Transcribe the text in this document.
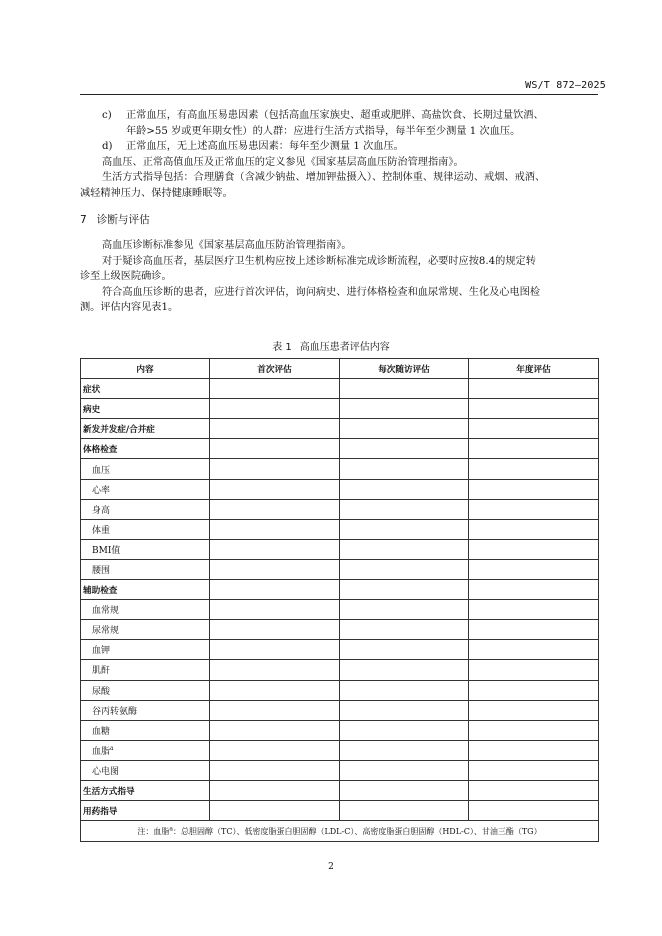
WS/T 872—2025
c)	正常血压，有高血压易患因素（包括高血压家族史、超重或肥胖、高盐饮食、长期过量饮酒、
年龄>55 岁或更年期女性）的人群：应进行生活方式指导，每半年至少测量 1 次血压。
d)	正常血压，无上述高血压易患因素：每年至少测量 1 次血压。

高血压、正常高值血压及正常血压的定义参见《国家基层高血压防治管理指南》。

生活方式指导包括：合理膳食（含减少钠盐、增加钾盐摄入）、控制体重、规律运动、戒烟、戒酒、
减轻精神压力、保持健康睡眠等。

7 诊断与评估

高血压诊断标准参见《国家基层高血压防治管理指南》。

对于疑诊高血压者，基层医疗卫生机构应按上述诊断标准完成诊断流程，必要时应按8.4的规定转
诊至上级医院确诊。

符合高血压诊断的患者，应进行首次评估，询问病史、进行体格检查和血尿常规、生化及心电图检
测。评估内容见表1。

表 1 高血压患者评估内容
内容	首次评估	每次随访评估	年度评估
症状			
病史			
新发并发症/合并症			
体格检查			
血压			
心率			
身高			
体重			
BMI值			
腰围			
辅助检查			
血常规			
尿常规			
血钾			
肌酐			
尿酸			
谷丙转氨酶			
血糖			
血脂$^a$			
心电图			
生活方式指导			
用药指导			
注：血脂$^a$：总胆固醇（TC）、低密度脂蛋白胆固醇（LDL-C）、高密度脂蛋白胆固醇（HDL-C）、甘油三酯（TG）			
2
